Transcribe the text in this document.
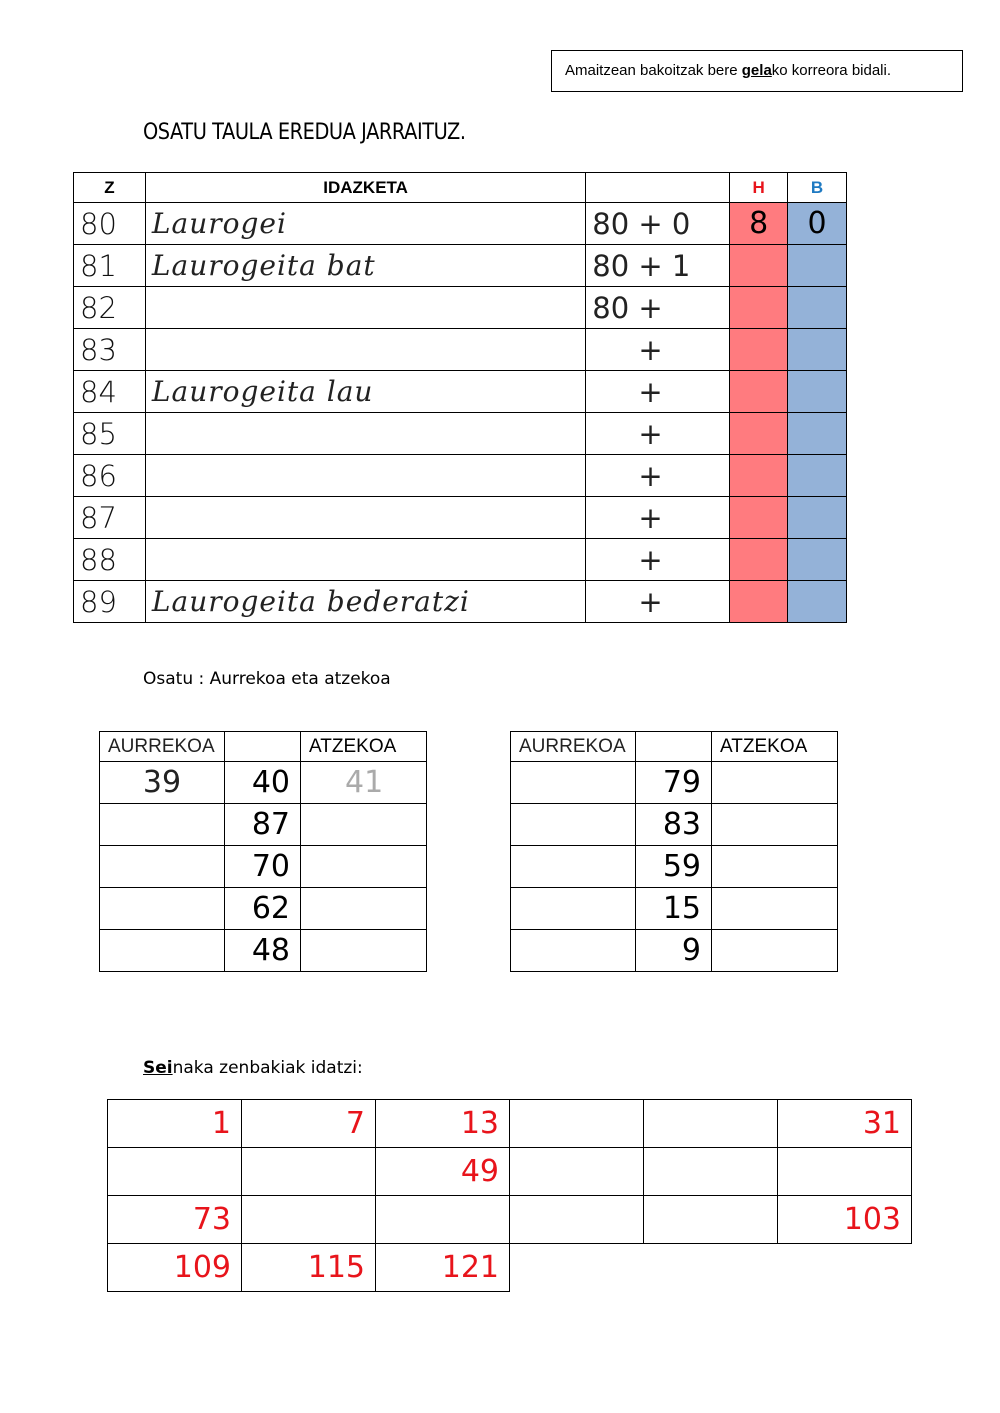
Amaitzean bakoitzak bere gelako korreora bidali.
OSATU TAULA EREDUA JARRAITUZ.
Z	IDAZKETA		H	B
80	Laurogei	80 + 0	8	0
81	Laurogeita bat	80 + 1		
82		80 +		
83		+		
84	Laurogeita lau	+		
85		+		
86		+		
87		+		
88		+		
89	Laurogeita bederatzi	+		
Osatu : Aurrekoa eta atzekoa
AURREKOA		ATZEKOA
39	40	41
	87	
	70	
	62	
	48	
AURREKOA		ATZEKOA
	79	
	83	
	59	
	15	
	9	
Seinaka zenbakiak idatzi:
1	7	13			31
		49			
73					103
109	115	121			
